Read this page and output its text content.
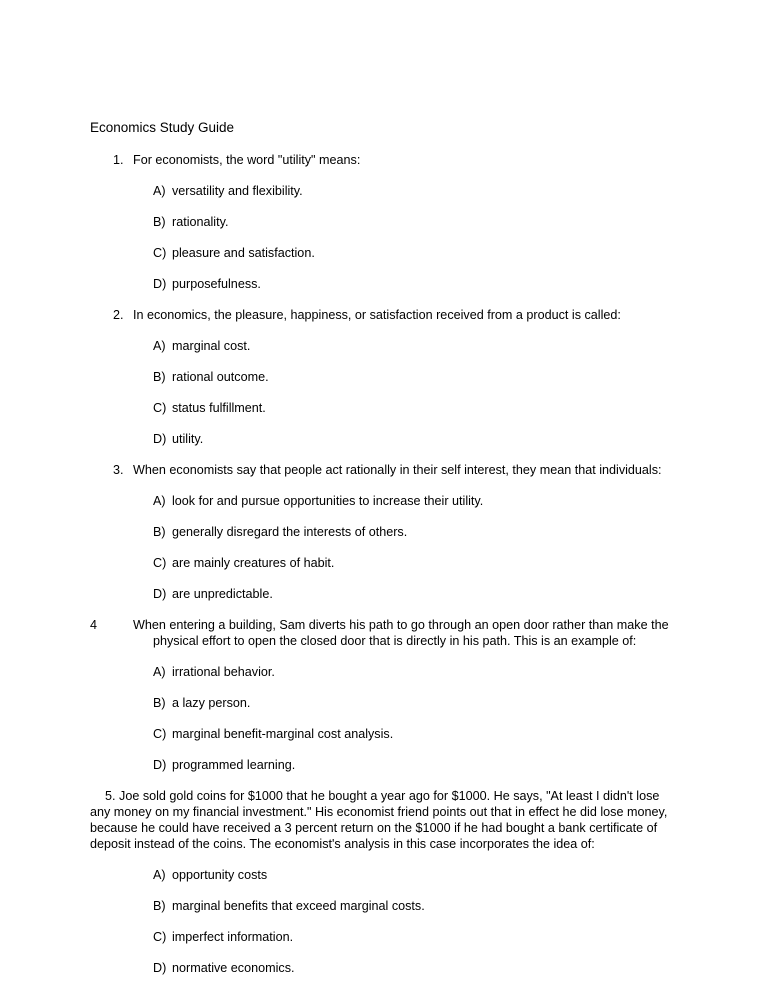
Economics Study Guide
1. For economists, the word "utility" means:
A) versatility and flexibility.
B) rationality.
C) pleasure and satisfaction.
D) purposefulness.
2. In economics, the pleasure, happiness, or satisfaction received from a product is called:
A) marginal cost.
B) rational outcome.
C) status fulfillment.
D) utility.
3. When economists say that people act rationally in their self interest, they mean that individuals:
A) look for and pursue opportunities to increase their utility.
B) generally disregard the interests of others.
C) are mainly creatures of habit.
D) are unpredictable.
4	When entering a building, Sam diverts his path to go through an open door rather than make the physical effort to open the closed door that is directly in his path. This is an example of:
A) irrational behavior.
B) a lazy person.
C) marginal benefit-marginal cost analysis.
D) programmed learning.
5. Joe sold gold coins for $1000 that he bought a year ago for $1000. He says, "At least I didn't lose any money on my financial investment." His economist friend points out that in effect he did lose money, because he could have received a 3 percent return on the $1000 if he had bought a bank certificate of deposit instead of the coins. The economist's analysis in this case incorporates the idea of:
A) opportunity costs
B) marginal benefits that exceed marginal costs.
C) imperfect information.
D) normative economics.
